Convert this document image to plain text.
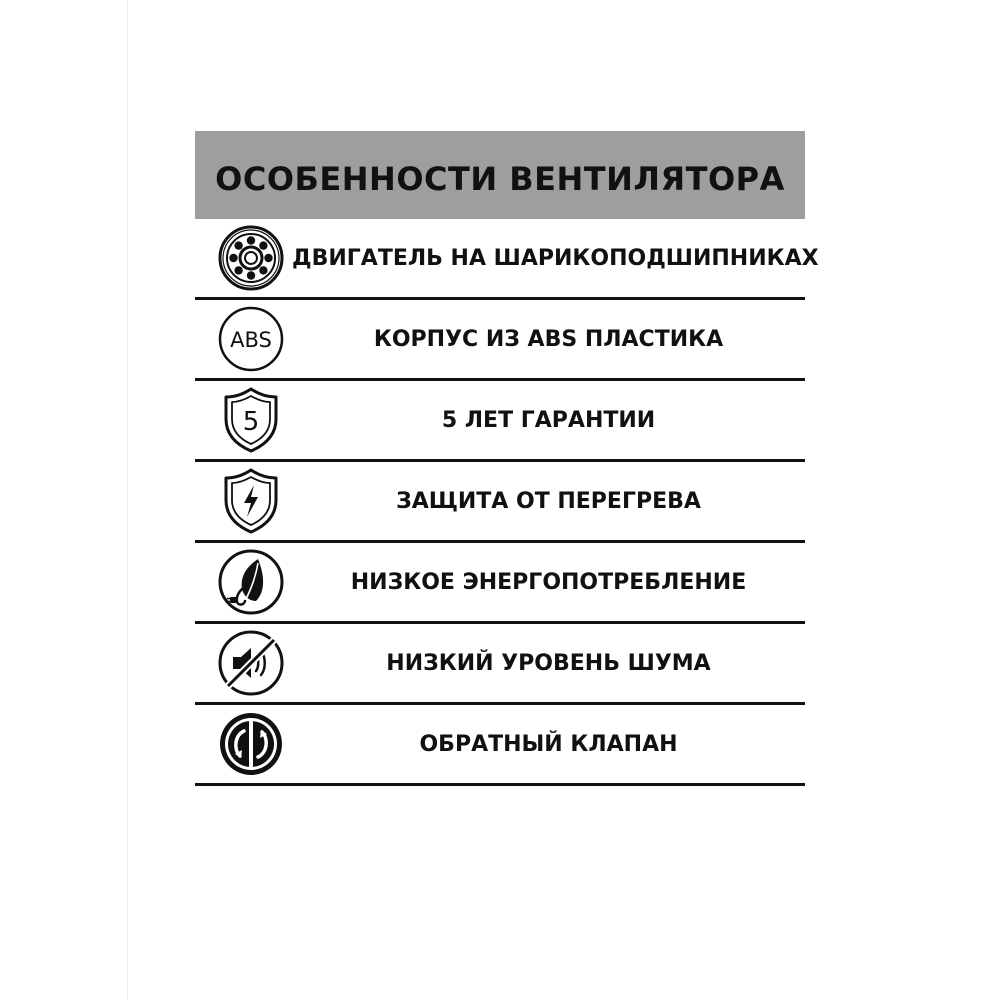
ОСОБЕННОСТИ ВЕНТИЛЯТОРА
ДВИГАТЕЛЬ НА ШАРИКОПОДШИПНИКАХ
ABS	КОРПУС ИЗ ABS ПЛАСТИКА
5	5 ЛЕТ ГАРАНТИИ
ЗАЩИТА ОТ ПЕРЕГРЕВА
НИЗКОЕ ЭНЕРГОПОТРЕБЛЕНИЕ
НИЗКИЙ УРОВЕНЬ ШУМА
ОБРАТНЫЙ КЛАПАН
